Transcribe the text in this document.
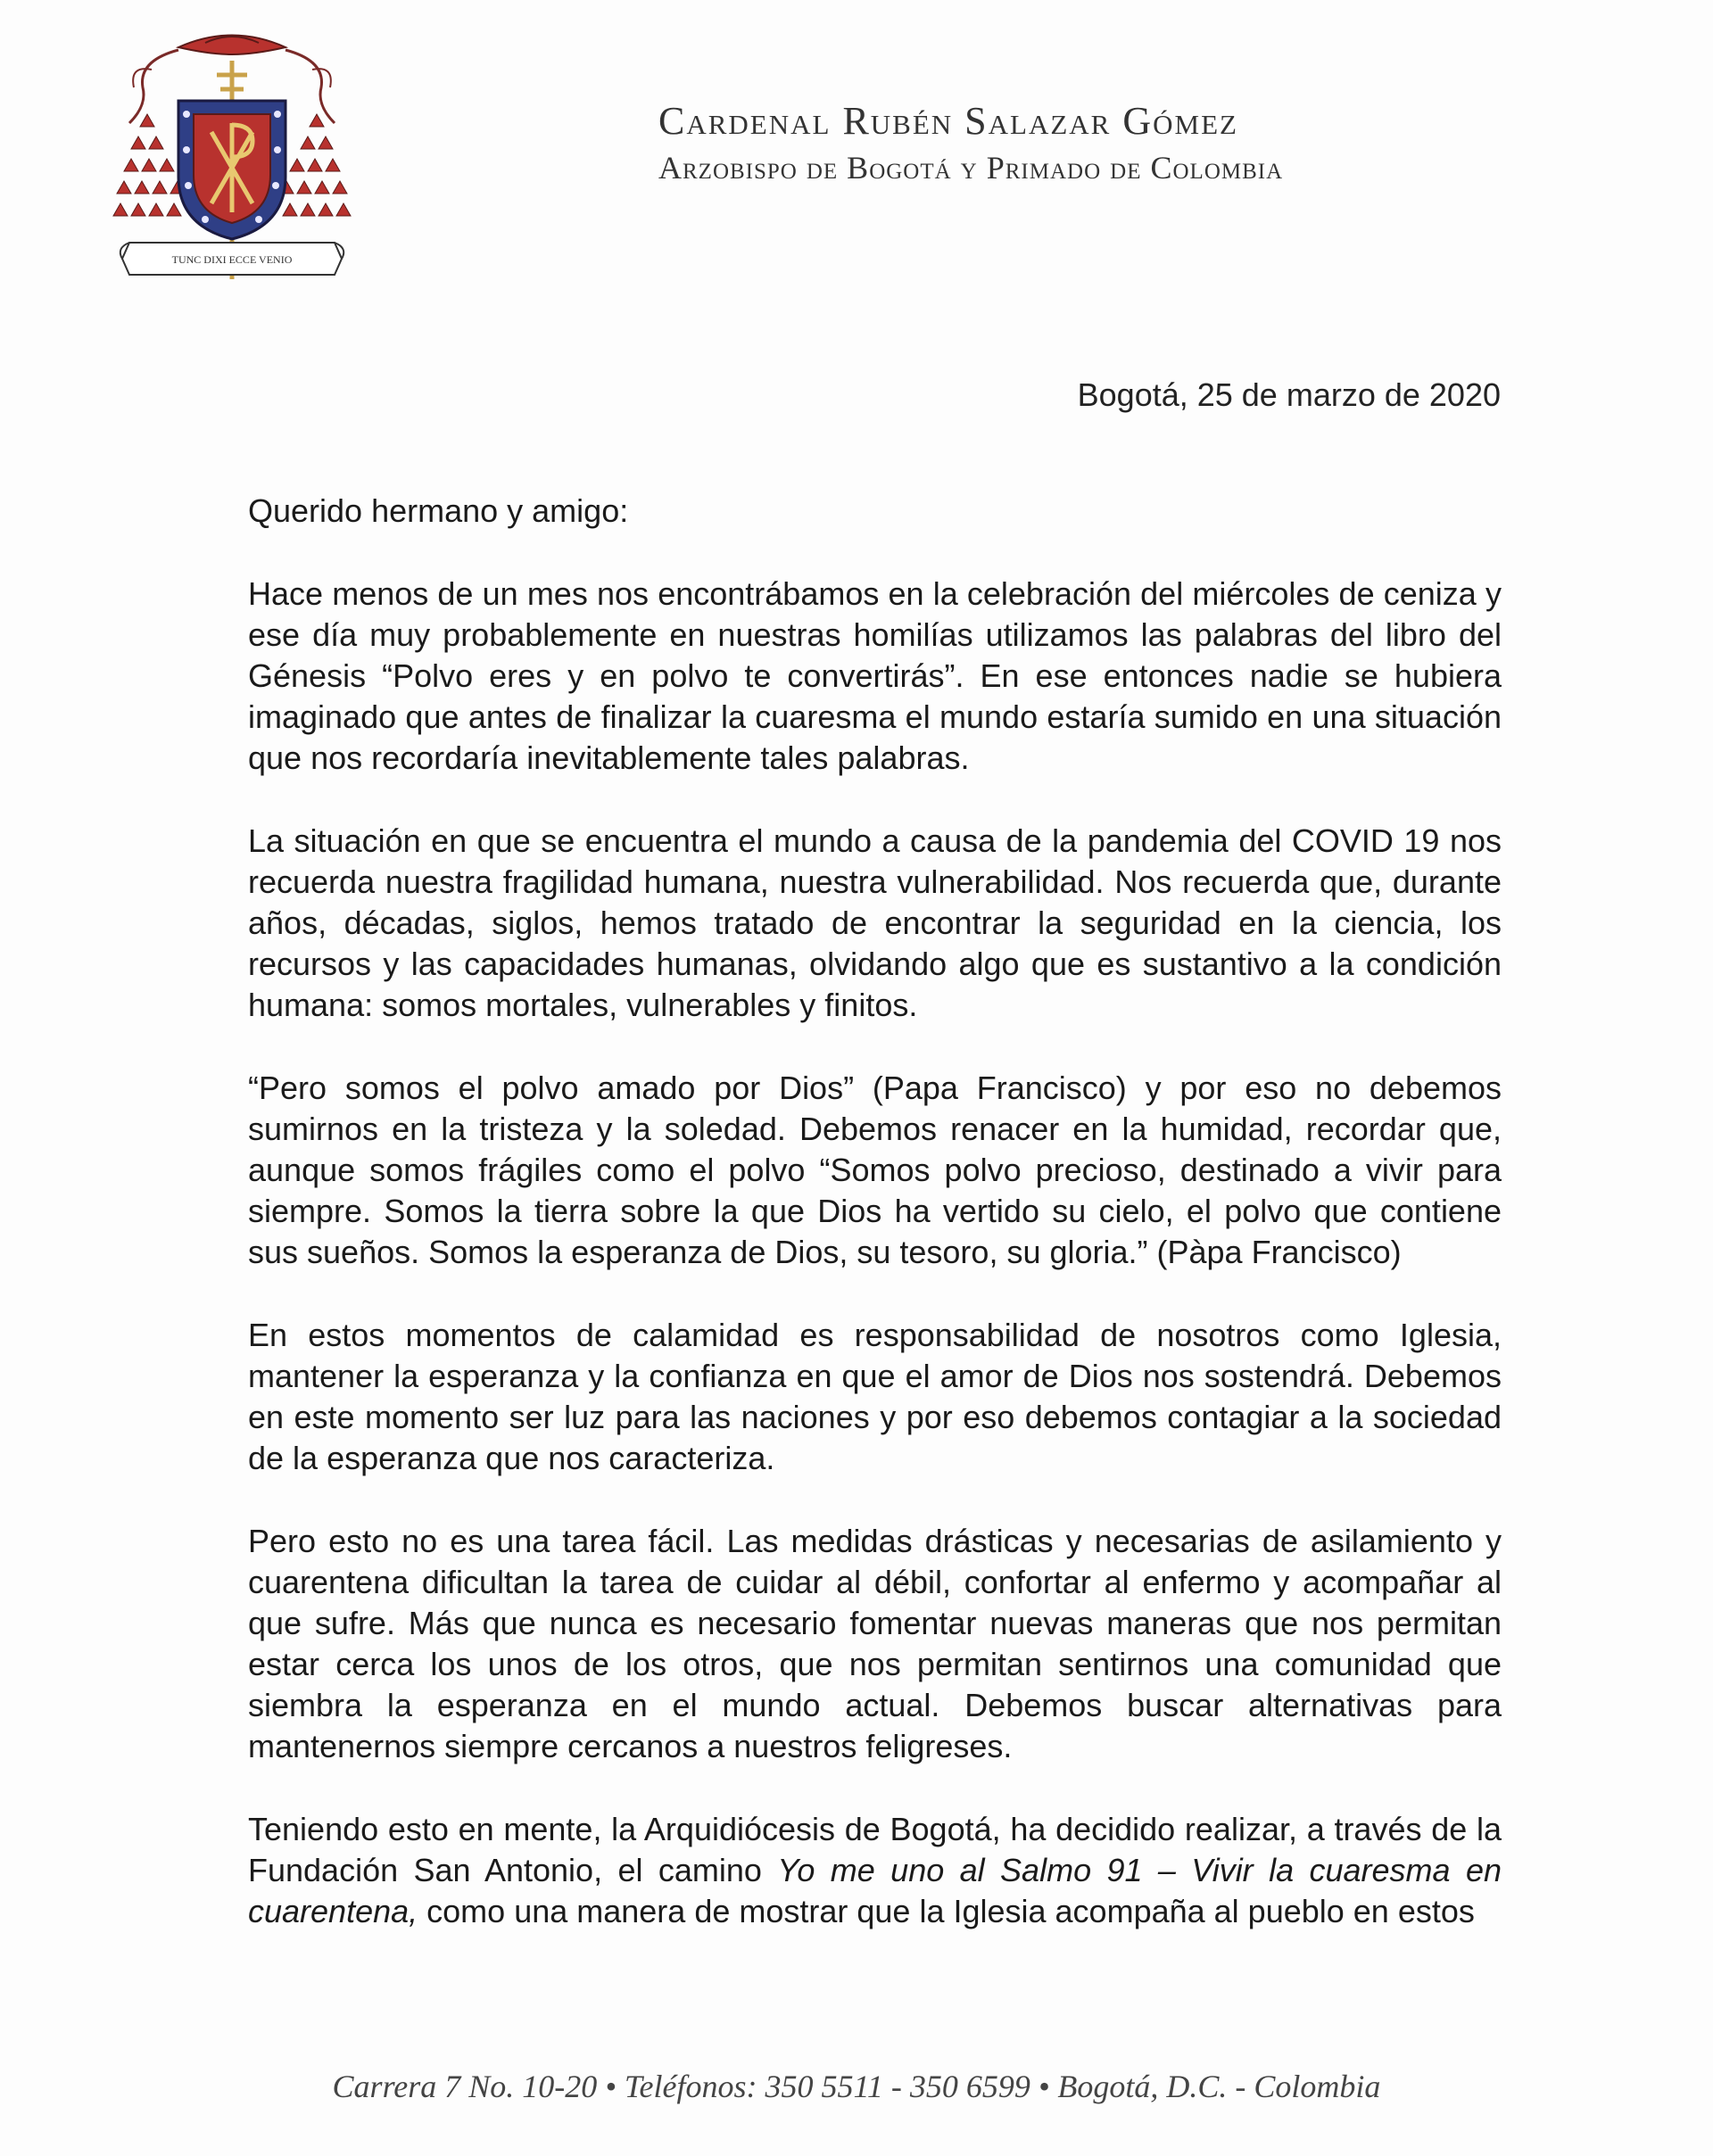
TUNC DIXI ECCE VENIO

Cardenal Rubén Salazar Gómez

Arzobispo de Bogotá y Primado de Colombia

Bogotá, 25 de marzo de 2020

Querido hermano y amigo:

Hace menos de un mes nos encontrábamos en la celebración del miércoles de ceniza y ese día muy probablemente en nuestras homilías utilizamos las palabras del libro del Génesis “Polvo eres y en polvo te convertirás”. En ese entonces nadie se hubiera imaginado que antes de finalizar la cuaresma el mundo estaría sumido en una situación que nos recordaría inevitablemente tales palabras.

La situación en que se encuentra el mundo a causa de la pandemia del COVID 19 nos recuerda nuestra fragilidad humana, nuestra vulnerabilidad. Nos recuerda que, durante años, décadas, siglos, hemos tratado de encontrar la seguridad en la ciencia, los recursos y las capacidades humanas, olvidando algo que es sustantivo a la condición humana: somos mortales, vulnerables y finitos.

“Pero somos el polvo amado por Dios” (Papa Francisco) y por eso no debemos sumirnos en la tristeza y la soledad. Debemos renacer en la humidad, recordar que, aunque somos frágiles como el polvo “Somos polvo precioso, destinado a vivir para siempre. Somos la tierra sobre la que Dios ha vertido su cielo, el polvo que contiene sus sueños. Somos la esperanza de Dios, su tesoro, su gloria.” (Pàpa Francisco)

En estos momentos de calamidad es responsabilidad de nosotros como Iglesia, mantener la esperanza y la confianza en que el amor de Dios nos sostendrá. Debemos en este momento ser luz para las naciones y por eso debemos contagiar a la sociedad de la esperanza que nos caracteriza.

Pero esto no es una tarea fácil. Las medidas drásticas y necesarias de asilamiento y cuarentena dificultan la tarea de cuidar al débil, confortar al enfermo y acompañar al que sufre. Más que nunca es necesario fomentar nuevas maneras que nos permitan estar cerca los unos de los otros, que nos permitan sentirnos una comunidad que siembra la esperanza en el mundo actual. Debemos buscar alternativas para mantenernos siempre cercanos a nuestros feligreses.

Teniendo esto en mente, la Arquidiócesis de Bogotá, ha decidido realizar, a través de la Fundación San Antonio, el camino Yo me uno al Salmo 91 – Vivir la cuaresma en cuarentena, como una manera de mostrar que la Iglesia acompaña al pueblo en estos

Carrera 7 No. 10-20 • Teléfonos: 350 5511 - 350 6599 • Bogotá, D.C. - Colombia
